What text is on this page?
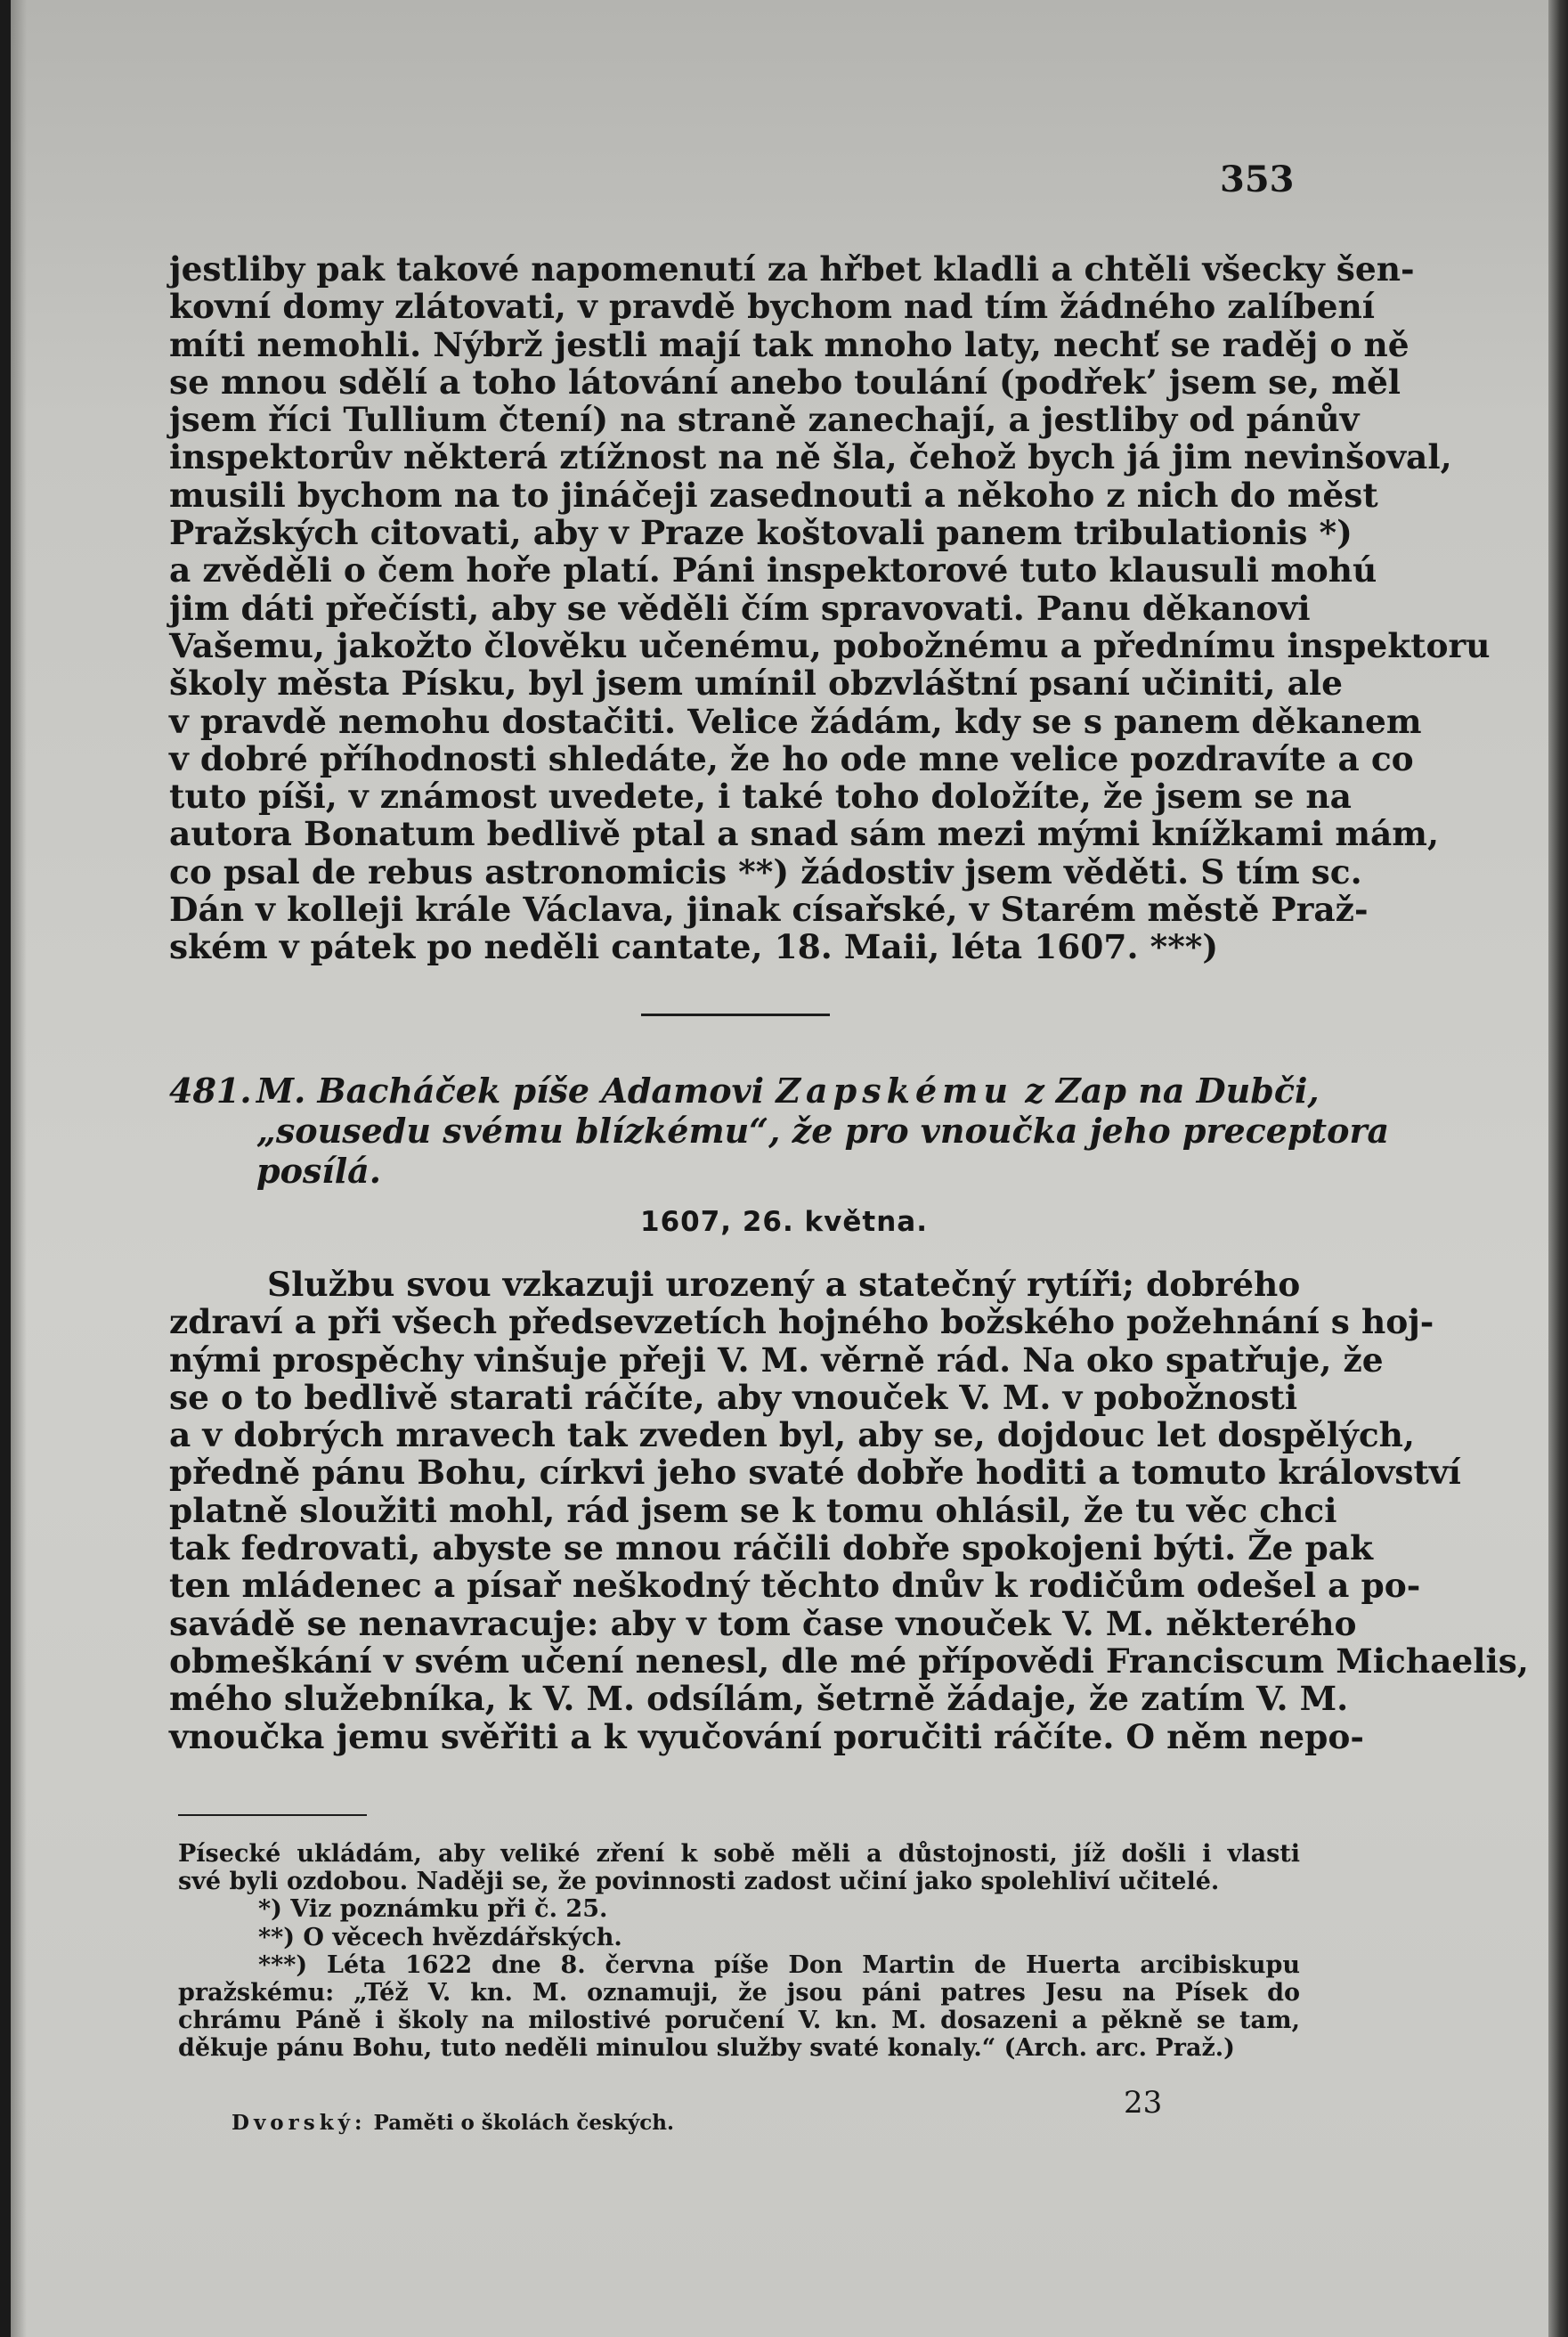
353
jestliby pak takové napomenutí za hřbet kladli a chtěli všecky šen-
kovní domy zlátovati, v pravdě bychom nad tím žádného zalíbení
míti nemohli. Nýbrž jestli mají tak mnoho laty, nechť se raděj o ně
se mnou sdělí a toho látování anebo toulání (podřek’ jsem se, měl
jsem říci Tullium čtení) na straně zanechají, a jestliby od pánův
inspektorův některá ztížnost na ně šla, čehož bych já jim nevinšoval,
musili bychom na to jináčeji zasednouti a někoho z nich do měst
Pražských citovati, aby v Praze koštovali panem tribulationis *)
a zvěděli o čem hoře platí. Páni inspektorové tuto klausuli mohú
jim dáti přečísti, aby se věděli čím spravovati. Panu děkanovi
Vašemu, jakožto člověku učenému, pobožnému a přednímu inspektoru
školy města Písku, byl jsem umínil obzvláštní psaní učiniti, ale
v pravdě nemohu dostačiti. Velice žádám, kdy se s panem děkanem
v dobré příhodnosti shledáte, že ho ode mne velice pozdravíte a co
tuto píši, v známost uvedete, i také toho doložíte, že jsem se na
autora Bonatum bedlivě ptal a snad sám mezi mými knížkami mám,
co psal de rebus astronomicis **) žádostiv jsem věděti. S tím sc.
Dán v kolleji krále Václava, jinak císařské, v Starém městě Praž-
ském v pátek po neděli cantate, 18. Maii, léta 1607. ***)
481. M. Bacháček píše Adamovi Zapskému z Zap na Dubči,
„sousedu svému blízkému“, že pro vnoučka jeho preceptora
posílá.
1607, 26. května.
Službu svou vzkazuji urozený a statečný rytíři; dobrého
zdraví a při všech předsevzetích hojného božského požehnání s hoj-
nými prospěchy vinšuje přeji V. M. věrně rád. Na oko spatřuje, že
se o to bedlivě starati ráčíte, aby vnouček V. M. v pobožnosti
a v dobrých mravech tak zveden byl, aby se, dojdouc let dospělých,
předně pánu Bohu, církvi jeho svaté dobře hoditi a tomuto království
platně sloužiti mohl, rád jsem se k tomu ohlásil, že tu věc chci
tak fedrovati, abyste se mnou ráčili dobře spokojeni býti. Že pak
ten mládenec a písař neškodný těchto dnův k rodičům odešel a po-
savádě se nenavracuje: aby v tom čase vnouček V. M. některého
obmeškání v svém učení nenesl, dle mé přípovědi Franciscum Michaelis,
mého služebníka, k V. M. odsílám, šetrně žádaje, že zatím V. M.
vnoučka jemu svěřiti a k vyučování poručiti ráčíte. O něm nepo-
Písecké ukládám, aby veliké zření k sobě měli a důstojnosti, jíž došli i vlasti
své byli ozdobou. Naději se, že povinnosti zadost učiní jako spolehliví učitelé.
*) Viz poznámku při č. 25.
**) O věcech hvězdářských.
***) Léta 1622 dne 8. června píše Don Martin de Huerta arcibiskupu
pražskému: „Též V. kn. M. oznamuji, že jsou páni patres Jesu na Písek do
chrámu Páně i školy na milostivé poručení V. kn. M. dosazeni a pěkně se tam,
děkuje pánu Bohu, tuto neděli minulou služby svaté konaly.“ (Arch. arc. Praž.)
23
Dvorský: Paměti o školách českých.
